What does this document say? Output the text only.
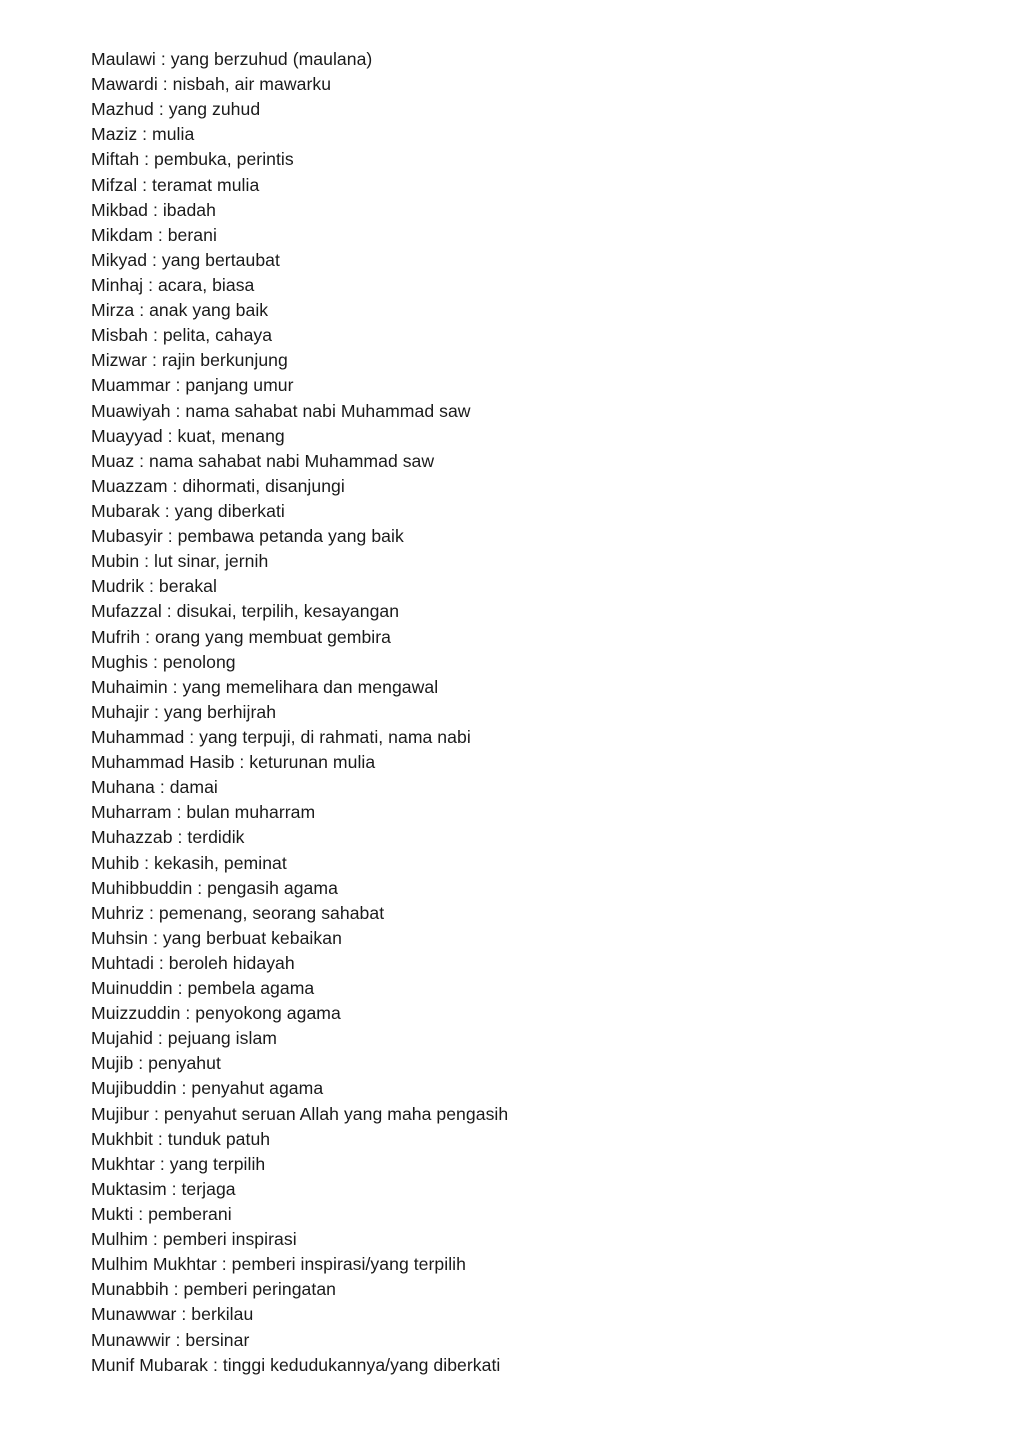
Maulawi : yang berzuhud (maulana)
Mawardi : nisbah, air mawarku
Mazhud : yang zuhud
Maziz : mulia
Miftah : pembuka, perintis
Mifzal : teramat mulia
Mikbad : ibadah
Mikdam : berani
Mikyad : yang bertaubat
Minhaj : acara, biasa
Mirza : anak yang baik
Misbah : pelita, cahaya
Mizwar : rajin berkunjung
Muammar : panjang umur
Muawiyah : nama sahabat nabi Muhammad saw
Muayyad : kuat, menang
Muaz : nama sahabat nabi Muhammad saw
Muazzam : dihormati, disanjungi
Mubarak : yang diberkati
Mubasyir : pembawa petanda yang baik
Mubin : lut sinar, jernih
Mudrik : berakal
Mufazzal : disukai, terpilih, kesayangan
Mufrih : orang yang membuat gembira
Mughis : penolong
Muhaimin : yang memelihara dan mengawal
Muhajir : yang berhijrah
Muhammad : yang terpuji, di rahmati, nama nabi
Muhammad Hasib : keturunan mulia
Muhana : damai
Muharram : bulan muharram
Muhazzab : terdidik
Muhib : kekasih, peminat
Muhibbuddin : pengasih agama
Muhriz : pemenang, seorang sahabat
Muhsin : yang berbuat kebaikan
Muhtadi : beroleh hidayah
Muinuddin : pembela agama
Muizzuddin : penyokong agama
Mujahid : pejuang islam
Mujib : penyahut
Mujibuddin : penyahut agama
Mujibur : penyahut seruan Allah yang maha pengasih
Mukhbit : tunduk patuh
Mukhtar : yang terpilih
Muktasim : terjaga
Mukti : pemberani
Mulhim : pemberi inspirasi
Mulhim Mukhtar : pemberi inspirasi/yang terpilih
Munabbih : pemberi peringatan
Munawwar : berkilau
Munawwir : bersinar
Munif Mubarak : tinggi kedudukannya/yang diberkati
